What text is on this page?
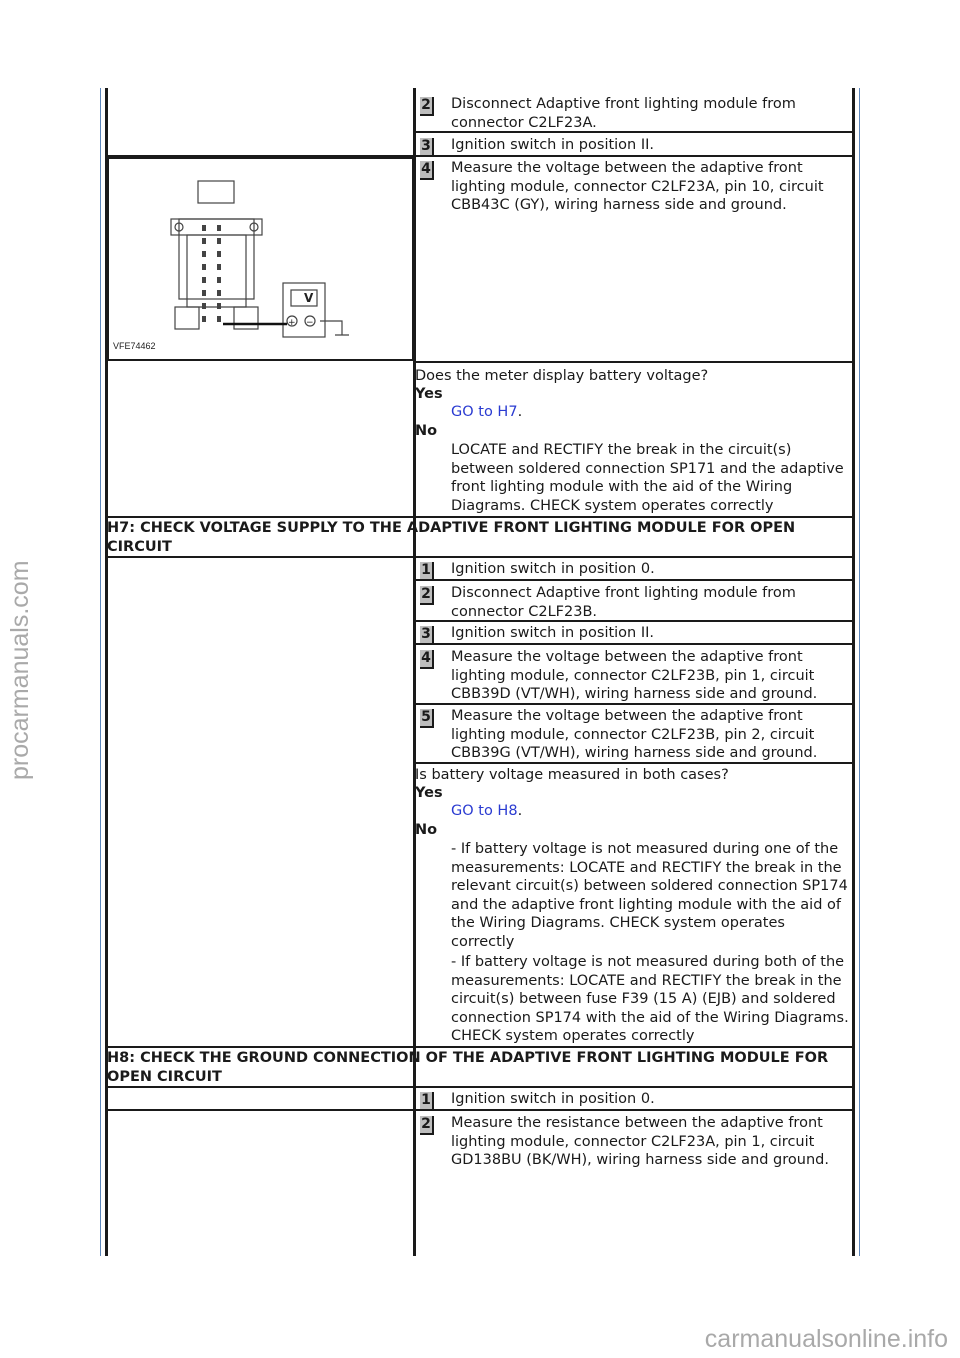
procarmanuals.com
carmanualsonline.info
2 Disconnect Adaptive front lighting module from connector C2LF23A.
3 Ignition switch in position II.
4 Measure the voltage between the adaptive front lighting module, connector C2LF23A, pin 10, circuit CBB43C (GY), wiring harness side and ground.
V
+ −
VFE74462
Does the meter display battery voltage?
Yes
GO to H7.
No
LOCATE and RECTIFY the break in the circuit(s) between soldered connection SP171 and the adaptive front lighting module with the aid of the Wiring Diagrams. CHECK system operates correctly
H7: CHECK VOLTAGE SUPPLY TO THE ADAPTIVE FRONT LIGHTING MODULE FOR OPEN CIRCUIT
1 Ignition switch in position 0.
2 Disconnect Adaptive front lighting module from connector C2LF23B.
3 Ignition switch in position II.
4 Measure the voltage between the adaptive front lighting module, connector C2LF23B, pin 1, circuit CBB39D (VT/WH), wiring harness side and ground.
5 Measure the voltage between the adaptive front lighting module, connector C2LF23B, pin 2, circuit CBB39G (VT/WH), wiring harness side and ground.
Is battery voltage measured in both cases?
Yes
GO to H8.
No
- If battery voltage is not measured during one of the measurements: LOCATE and RECTIFY the break in the relevant circuit(s) between soldered connection SP174 and the adaptive front lighting module with the aid of the Wiring Diagrams. CHECK system operates correctly
- If battery voltage is not measured during both of the measurements: LOCATE and RECTIFY the break in the circuit(s) between fuse F39 (15 A) (EJB) and soldered connection SP174 with the aid of the Wiring Diagrams. CHECK system operates correctly
H8: CHECK THE GROUND CONNECTION OF THE ADAPTIVE FRONT LIGHTING MODULE FOR OPEN CIRCUIT
1 Ignition switch in position 0.
2 Measure the resistance between the adaptive front lighting module, connector C2LF23A, pin 1, circuit GD138BU (BK/WH), wiring harness side and ground.
